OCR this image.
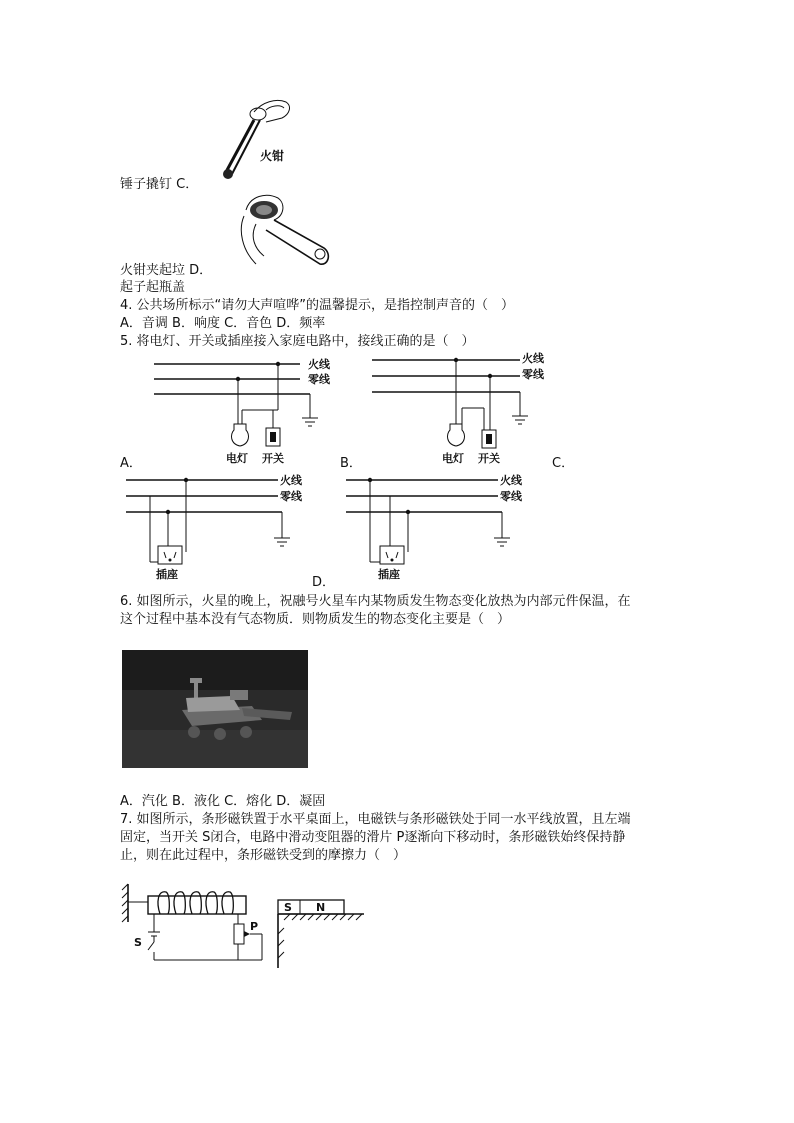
火钳
锤子撬钉 C．
火钳夹起垃 D．
起子起瓶盖
4. 公共场所标示“请勿大声喧哗”的温馨提示，是指控制声音的（　）
A．音调 B．响度 C．音色 D．频率
5. 将电灯、开关或插座接入家庭电路中，接线正确的是（　）
火线
零线
电灯 开关
A．
火线
零线
电灯 开关
B．	C．
火线
零线
插座
火线
零线
插座
D．
6. 如图所示，火星的晚上，祝融号火星车内某物质发生物态变化放热为内部元件保温，在
这个过程中基本没有气态物质．则物质发生的物态变化主要是（　）
A．汽化 B．液化 C．熔化 D．凝固
7. 如图所示，条形磁铁置于水平桌面上，电磁铁与条形磁铁处于同一水平线放置，且左端
固定，当开关 S闭合，电路中滑动变阻器的滑片 P逐渐向下移动时，条形磁铁始终保持静
止，则在此过程中，条形磁铁受到的摩擦力（　）
P
S
S N
